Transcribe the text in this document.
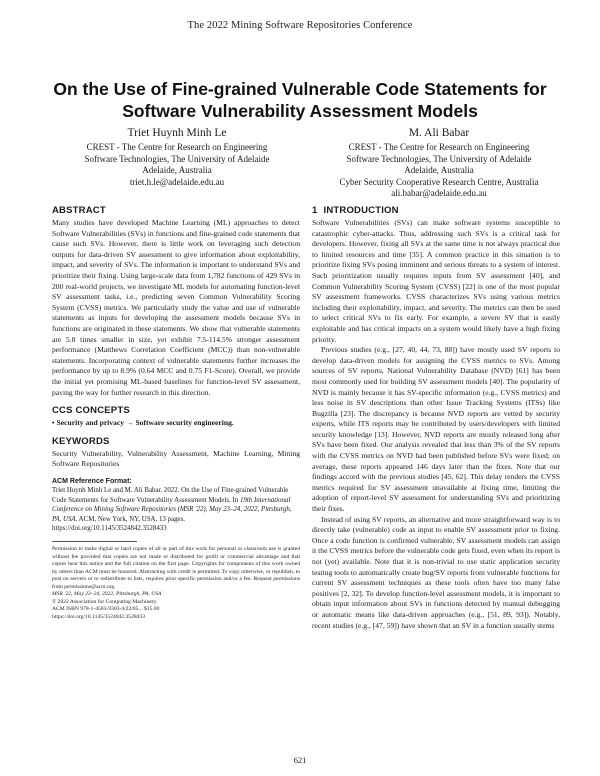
The 2022 Mining Software Repositories Conference
On the Use of Fine-grained Vulnerable Code Statements for
Software Vulnerability Assessment Models
Triet Huynh Minh Le
CREST - The Centre for Research on Engineering
Software Technologies, The University of Adelaide
Adelaide, Australia
triet.h.le@adelaide.edu.au
M. Ali Babar
CREST - The Centre for Research on Engineering
Software Technologies, The University of Adelaide
Adelaide, Australia
Cyber Security Cooperative Research Centre, Australia
ali.babar@adelaide.edu.au
ABSTRACT

Many studies have developed Machine Learning (ML) approaches to detect Software Vulnerabilities (SVs) in functions and fine-grained code statements that cause such SVs. However, there is little work on leveraging such detection outputs for data-driven SV assessment to give information about exploitability, impact, and severity of SVs. The information is important to understand SVs and prioritize their fixing. Using large-scale data from 1,782 functions of 429 SVs in 200 real-world projects, we investigate ML models for automating function-level SV assessment tasks, i.e., predicting seven Common Vulnerability Scoring System (CVSS) metrics. We particularly study the value and use of vulnerable statements as inputs for developing the assessment models because SVs in functions are originated in these statements. We show that vulnerable statements are 5.8 times smaller in size, yet exhibit 7.5-114.5% stronger assessment performance (Matthews Correlation Coefficient (MCC)) than non-vulnerable statements. Incorporating context of vulnerable statements further increases the performance by up to 8.9% (0.64 MCC and 0.75 F1-Score). Overall, we provide the initial yet promising ML-based baselines for function-level SV assessment, paving the way for further research in this direction.

CCS CONCEPTS

• Security and privacy → Software security engineering.

KEYWORDS

Security Vulnerability, Vulnerability Assessment, Machine Learning, Mining Software Repositories

ACM Reference Format:

Triet Huynh Minh Le and M. Ali Babar. 2022. On the Use of Fine-grained Vulnerable Code Statements for Software Vulnerability Assessment Models. In 19th International Conference on Mining Software Repositories (MSR '22), May 23–24, 2022, Pittsburgh, PA, USA. ACM, New York, NY, USA, 13 pages. https://doi.org/10.1145/3524842.3528433

Permission to make digital or hard copies of all or part of this work for personal or classroom use is granted without fee provided that copies are not made or distributed for profit or commercial advantage and that copies bear this notice and the full citation on the first page. Copyrights for components of this work owned by others than ACM must be honored. Abstracting with credit is permitted. To copy otherwise, or republish, to post on servers or to redistribute to lists, requires prior specific permission and/or a fee. Request permissions from permissions@acm.org.

MSR '22, May 23–24, 2022, Pittsburgh, PA, USA

© 2022 Association for Computing Machinery.

ACM ISBN 978-1-4503-9303-4/22/05... $15.00

https://doi.org/10.1145/3524842.3528433

1 INTRODUCTION

Software Vulnerabilities (SVs) can make software systems susceptible to catastrophic cyber-attacks. Thus, addressing such SVs is a critical task for developers. However, fixing all SVs at the same time is not always practical due to limited resources and time [35]. A common practice in this situation is to prioritize fixing SVs posing imminent and serious threats to a system of interest. Such prioritization usually requires inputs from SV assessment [40], and Common Vulnerability Scoring System (CVSS) [22] is one of the most popular SV assessment frameworks. CVSS characterizes SVs using various metrics including their exploitability, impact, and severity. The metrics can then be used to select critical SVs to fix early. For example, a severe SV that is easily exploitable and has critical impacts on a system would likely have a high fixing priority.

Previous studies (e.g., [27, 40, 44, 73, 88]) have mostly used SV reports to develop data-driven models for assigning the CVSS metrics to SVs. Among sources of SV reports, National Vulnerability Database (NVD) [61] has been most commonly used for building SV assessment models [40]. The popularity of NVD is mainly because it has SV-specific information (e.g., CVSS metrics) and less noise in SV descriptions than other Issue Tracking Systems (ITSs) like Bugzilla [23]. The discrepancy is because NVD reports are vetted by security experts, while ITS reports may be contributed by users/developers with limited security knowledge [13]. However, NVD reports are mostly released long after SVs have been fixed. Our analysis revealed that less than 3% of the SV reports with the CVSS metrics on NVD had been published before SVs were fixed; on average, these reports appeared 146 days later than the fixes. Note that our findings accord with the previous studies [45, 62]. This delay renders the CVSS metrics required for SV assessment unavailable at fixing time, limiting the adoption of report-level SV assessment for understanding SVs and prioritizing their fixes.

Instead of using SV reports, an alternative and more straightforward way is to directly take (vulnerable) code as input to enable SV assessment prior to fixing. Once a code function is confirmed vulnerable, SV assessment models can assign it the CVSS metrics before the vulnerable code gets fixed, even when its report is not (yet) available. Note that it is non-trivial to use static application security testing tools to automatically create bug/SV reports from vulnerable functions for current SV assessment techniques as these tools often have too many false positives [2, 32]. To develop function-level assessment models, it is important to obtain input information about SVs in functions detected by manual debugging or automatic means like data-driven approaches (e.g., [51, 89, 93]). Notably, recent studies (e.g., [47, 59]) have shown that an SV in a function usually stems

621
